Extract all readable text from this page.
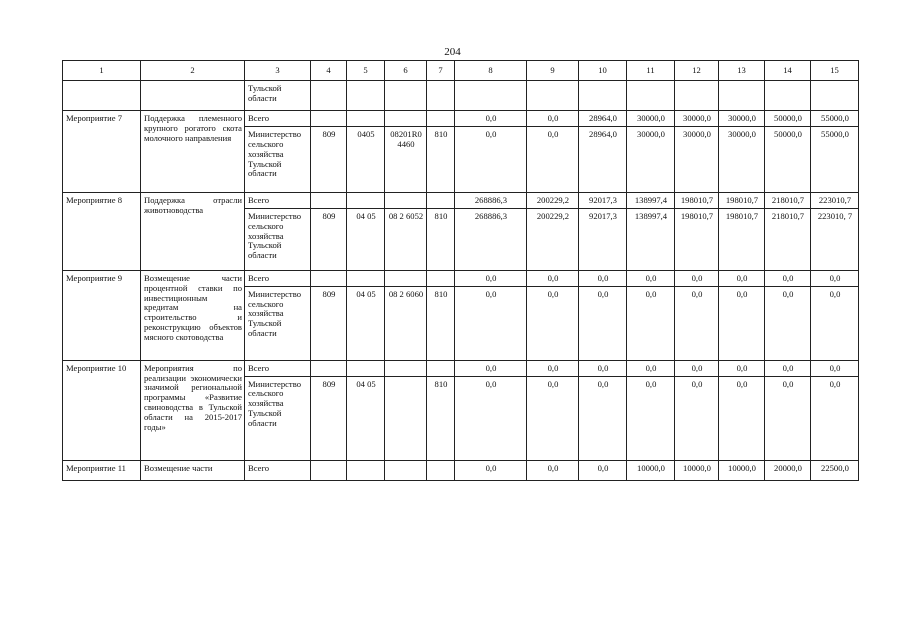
204
1	2	3	4	5	6	7	8	9	10	11	12	13	14	15
		Тульской области												
Мероприятие 7	Поддержка племенного крупного рогатого скота молочного направления	Всего					0,0	0,0	28964,0	30000,0	30000,0	30000,0	50000,0	55000,0
		Министерство сельского хозяйства Тульской области	809	0405	08201R0 4460	810	0,0	0,0	28964,0	30000,0	30000,0	30000,0	50000,0	55000,0
Мероприятие 8	Поддержка отрасли животноводства	Всего					268886,3	200229,2	92017,3	138997,4	198010,7	198010,7	218010,7	223010,7
		Министерство сельского хозяйства Тульской области	809	04 05	08 2 6052	810	268886,3	200229,2	92017,3	138997,4	198010,7	198010,7	218010,7	223010, 7
Мероприятие 9	Возмещение части процентной ставки по инвестиционным кредитам на строительство и реконструкцию объектов мясного скотоводства	Всего					0,0	0,0	0,0	0,0	0,0	0,0	0,0	0,0
		Министерство сельского хозяйства Тульской области	809	04 05	08 2 6060	810	0,0	0,0	0,0	0,0	0,0	0,0	0,0	0,0
Мероприятие 10	Мероприятия по реализации экономически значимой региональной программы «Развитие свиноводства в Тульской области на 2015-2017 годы»	Всего					0,0	0,0	0,0	0,0	0,0	0,0	0,0	0,0
		Министерство сельского хозяйства Тульской области	809	04 05		810	0,0	0,0	0,0	0,0	0,0	0,0	0,0	0,0
Мероприятие 11	Возмещение части	Всего					0,0	0,0	0,0	10000,0	10000,0	10000,0	20000,0	22500,0
